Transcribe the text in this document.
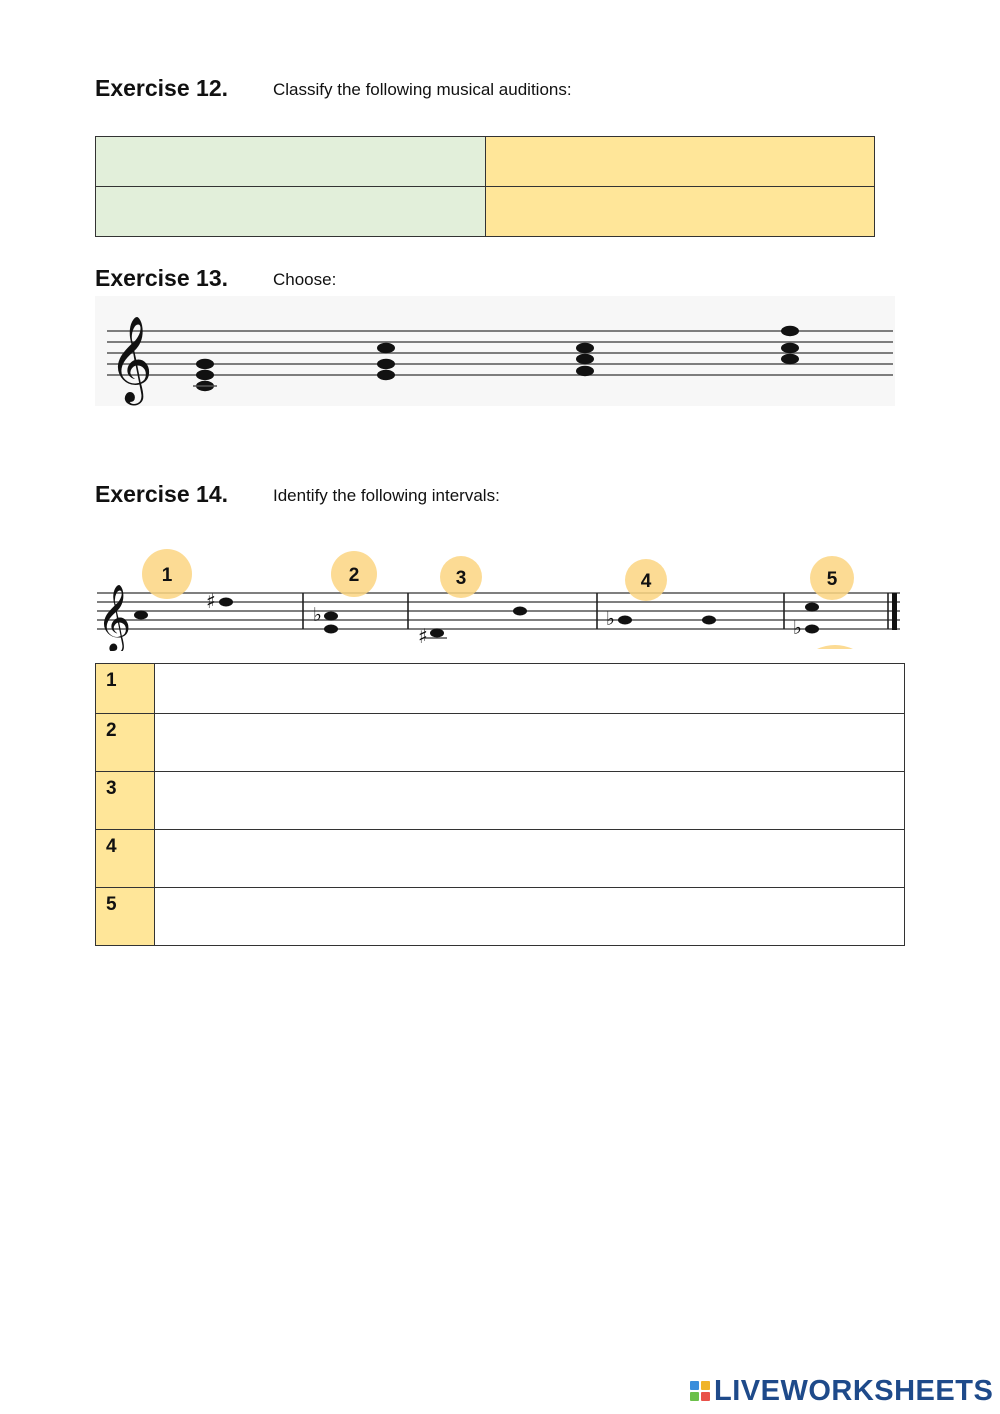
Exercise 12.	Classify the following musical auditions:

Exercise 13.	Choose:
𝄞
Exercise 14.	Identify the following intervals:
𝄞
1	2	3	4	5
♯
♭
♯
♭	♭
1	

2	

3	

4	

5	

LIVEWORKSHEETS
